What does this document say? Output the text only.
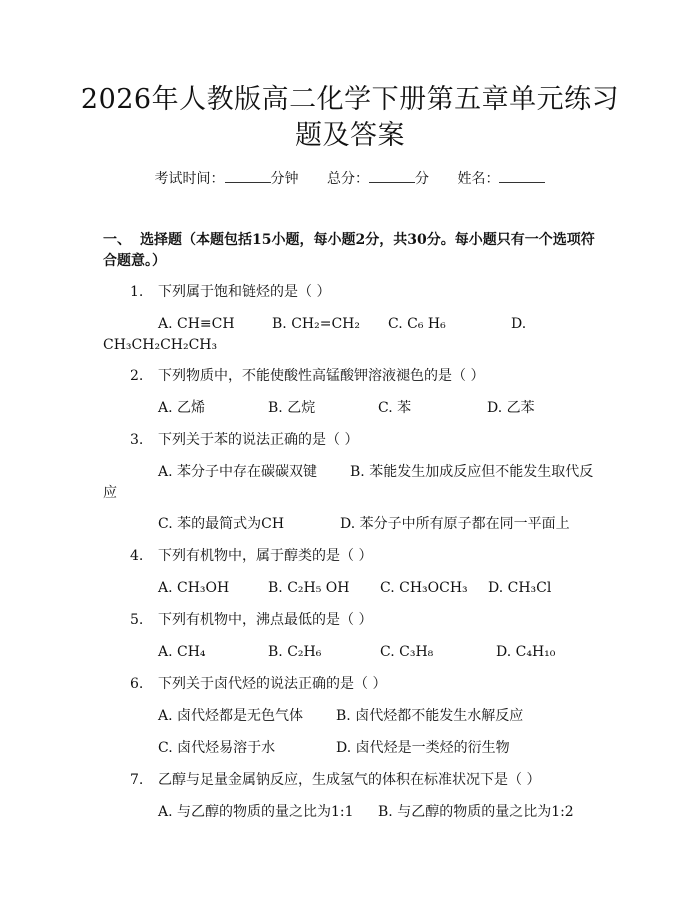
2026年人教版高二化学下册第五章单元练习
题及答案
考试时间：	分钟 总分：	分 姓名：
一、 选择题（本题包括15小题，每小题2分，共30分。每小题只有一个选项符
合题意。）
1. 下列属于饱和链烃的是（ ）
A. CH≡CH	B. CH₂=CH₂ C. C₆ H₆	D.
CH₃CH₂CH₂CH₃
2. 下列物质中，不能使酸性高锰酸钾溶液褪色的是（ ）
A. 乙烯	B. 乙烷	C. 苯	D. 乙苯
3. 下列关于苯的说法正确的是（ ）
A. 苯分子中存在碳碳双键 B. 苯能发生加成反应但不能发生取代反
应
C. 苯的最简式为CH	D. 苯分子中所有原子都在同一平面上
4. 下列有机物中，属于醇类的是（ ）
A. CH₃OH	B. C₂H₅ OH C. CH₃OCH₃ D. CH₃Cl
5. 下列有机物中，沸点最低的是（ ）
A. CH₄	B. C₂H₆	C. C₃H₈	D. C₄H₁₀
6. 下列关于卤代烃的说法正确的是（ ）
A. 卤代烃都是无色气体 B. 卤代烃都不能发生水解反应
C. 卤代烃易溶于水	D. 卤代烃是一类烃的衍生物
7. 乙醇与足量金属钠反应，生成氢气的体积在标准状况下是（ ）
A. 与乙醇的物质的量之比为1:1 B. 与乙醇的物质的量之比为1:2
